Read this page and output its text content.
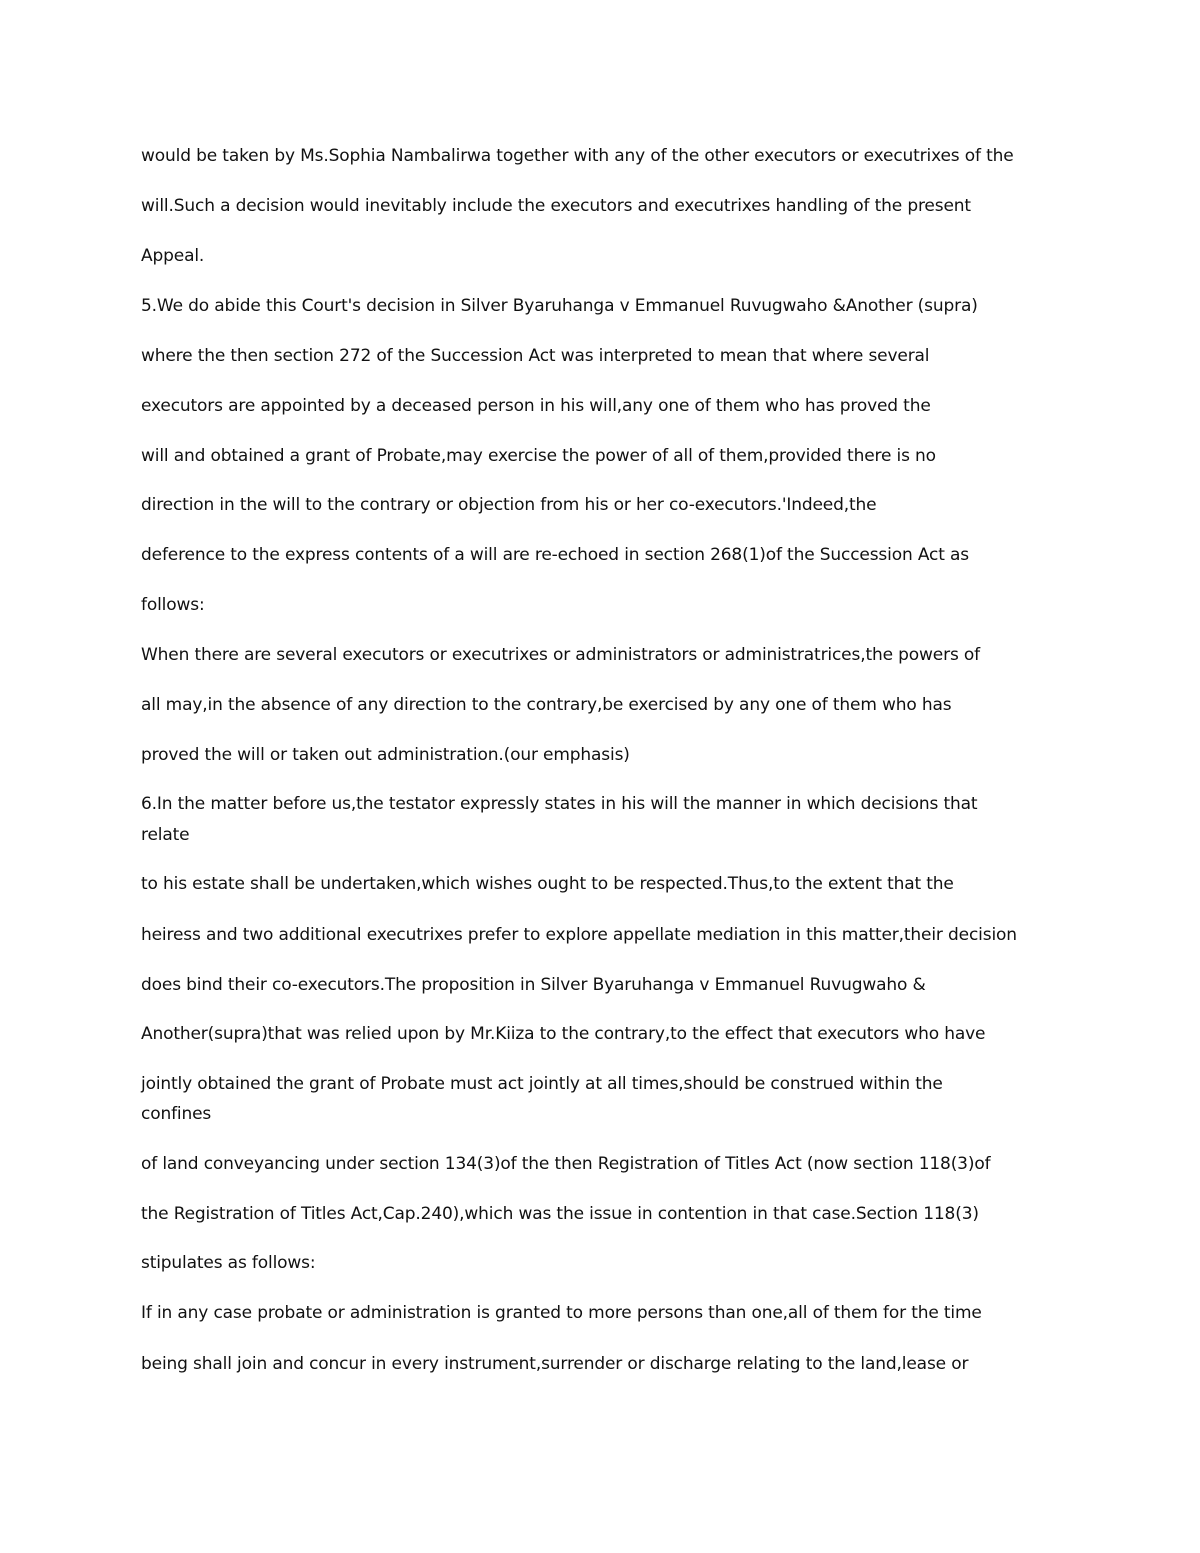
would be taken by Ms.Sophia Nambalirwa together with any of the other executors or executrixes of the

will.Such a decision would inevitably include the executors and executrixes handling of the present

Appeal.

5.We do abide this Court's decision in Silver Byaruhanga v Emmanuel Ruvugwaho &Another (supra)

where the then section 272 of the Succession Act was interpreted to mean that where several

executors are appointed by a deceased person in his will,any one of them who has proved the

will and obtained a grant of Probate,may exercise the power of all of them,provided there is no

direction in the will to the contrary or objection from his or her co-executors.'Indeed,the

deference to the express contents of a will are re-echoed in section 268(1)of the Succession Act as

follows:

When there are several executors or executrixes or administrators or administratrices,the powers of

all may,in the absence of any direction to the contrary,be exercised by any one of them who has

proved the will or taken out administration.(our emphasis)

6.In the matter before us,the testator expressly states in his will the manner in which decisions that

relate

to his estate shall be undertaken,which wishes ought to be respected.Thus,to the extent that the

heiress and two additional executrixes prefer to explore appellate mediation in this matter,their decision

does bind their co-executors.The proposition in Silver Byaruhanga v Emmanuel Ruvugwaho &

Another(supra)that was relied upon by Mr.Kiiza to the contrary,to the effect that executors who have

jointly obtained the grant of Probate must act jointly at all times,should be construed within the

confines

of land conveyancing under section 134(3)of the then Registration of Titles Act (now section 118(3)of

the Registration of Titles Act,Cap.240),which was the issue in contention in that case.Section 118(3)

stipulates as follows:

If in any case probate or administration is granted to more persons than one,all of them for the time

being shall join and concur in every instrument,surrender or discharge relating to the land,lease or
